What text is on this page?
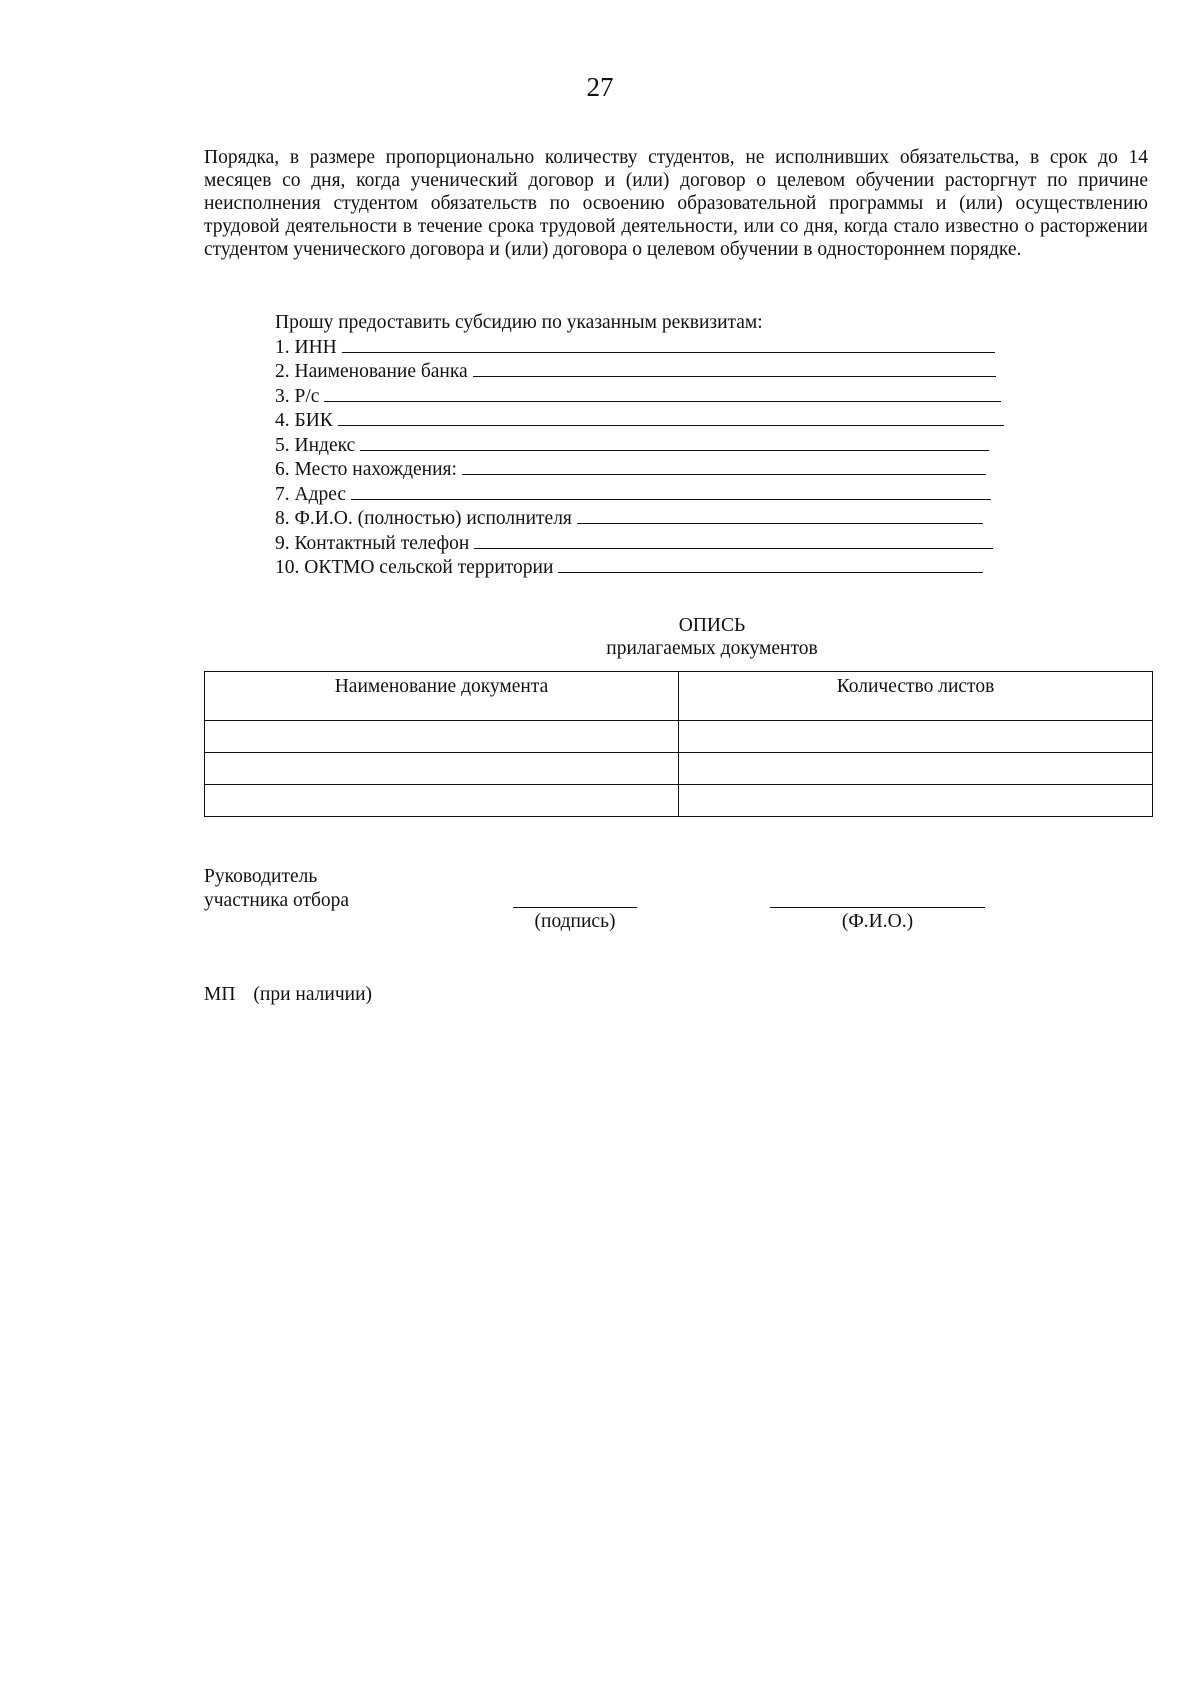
27

Порядка, в размере пропорционально количеству студентов, не исполнивших обязательства, в срок до 14 месяцев со дня, когда ученический договор и (или) договор о целевом обучении расторгнут по причине неисполнения студентом обязательств по освоению образовательной программы и (или) осуществлению трудовой деятельности в течение срока трудовой деятельности, или со дня, когда стало известно о расторжении студентом ученического договора и (или) договора о целевом обучении в одностороннем порядке.

Прошу предоставить субсидию по указанным реквизитам:
1. ИНН
2. Наименование банка
3. Р/с
4. БИК
5. Индекс
6. Место нахождения:
7. Адрес
8. Ф.И.О. (полностью) исполнителя
9. Контактный телефон
10. ОКТМО сельской территории
ОПИСЬ
прилагаемых документов
Наименование документа	Количество листов

Руководитель
участника отбора
(подпись)	(Ф.И.О.)
МП (при наличии)
